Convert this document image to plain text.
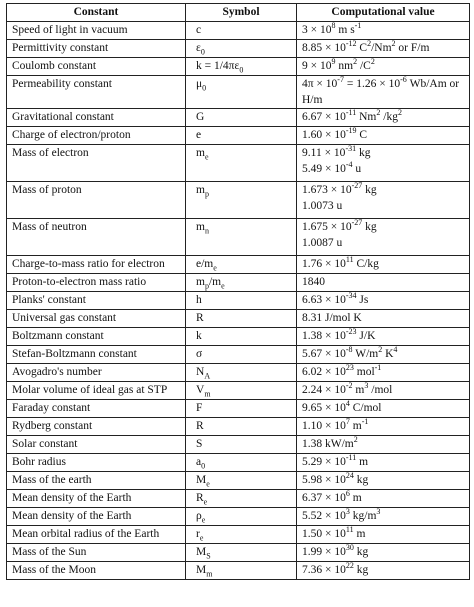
Constant	Symbol	Computational value
Speed of light in vacuum	c	$3 \times 10^8$ m $s^{-1}$

Permittivity constant	$\varepsilon_0$	$8.85 \times 10^{-12}$ $C^2/Nm^2$ or F/m

Coulomb constant	$k = 1/4\pi\varepsilon_0$	$9 \times 10^9$ $nm^2$ $/C^2$

Permeability constant	$\mu_0$	$4\pi \times 10^{-7} = 1.26 \times 10^{-6}$ Wb/Am or H/m

Gravitational constant	G	$6.67 \times 10^{-11}$ Nm$^2$ $/kg^2$

Charge of electron/proton	e	$1.60 \times 10^{-19}$ C

Mass of electron	$m_e$	$9.11 \times 10^{-31}$ kg
$5.49 \times 10^{-4}$ u

Mass of proton	$m_p$	$1.673 \times 10^{-27}$ kg
1.0073 u

Mass of neutron	$m_n$	$1.675 \times 10^{-27}$ kg
1.0087 u

Charge-to-mass ratio for electron	$e/m_e$	$1.76 \times 10^{11}$ C/kg

Proton-to-electron mass ratio	$m_p/m_e$	1840

Planks' constant	h	$6.63 \times 10^{-34}$ Js

Universal gas constant	R	8.31 J/mol K

Boltzmann constant	k	$1.38 \times 10^{-23}$ J/K

Stefan-Boltzmann constant	σ	$5.67 \times 10^{-8}$ $W/m^2$ $K^4$

Avogadro's number	$N_A$	$6.02 \times 10^{23}$ mol$^{-1}$

Molar volume of ideal gas at STP	$V_m$	$2.24 \times 10^{-2}$ $m^3$ /mol

Faraday constant	F	$9.65 \times 10^4$ C/mol

Rydberg constant	R	$1.10 \times 10^7$ $m^{-1}$

Solar constant	S	1.38 $kW/m^2$

Bohr radius	$a_0$	$5.29 \times 10^{-11}$ m

Mass of the earth	$M_e$	$5.98 \times 10^{24}$ kg

Mean density of the Earth	$R_e$	$6.37 \times 10^6$ m

Mean density of the Earth	$\rho_e$	$5.52 \times 10^3$ $kg/m^3$

Mean orbital radius of the Earth	$r_e$	$1.50 \times 10^{11}$ m

Mass of the Sun	$M_S$	$1.99 \times 10^{30}$ kg

Mass of the Moon	$M_m$	$7.36 \times 10^{22}$ kg
